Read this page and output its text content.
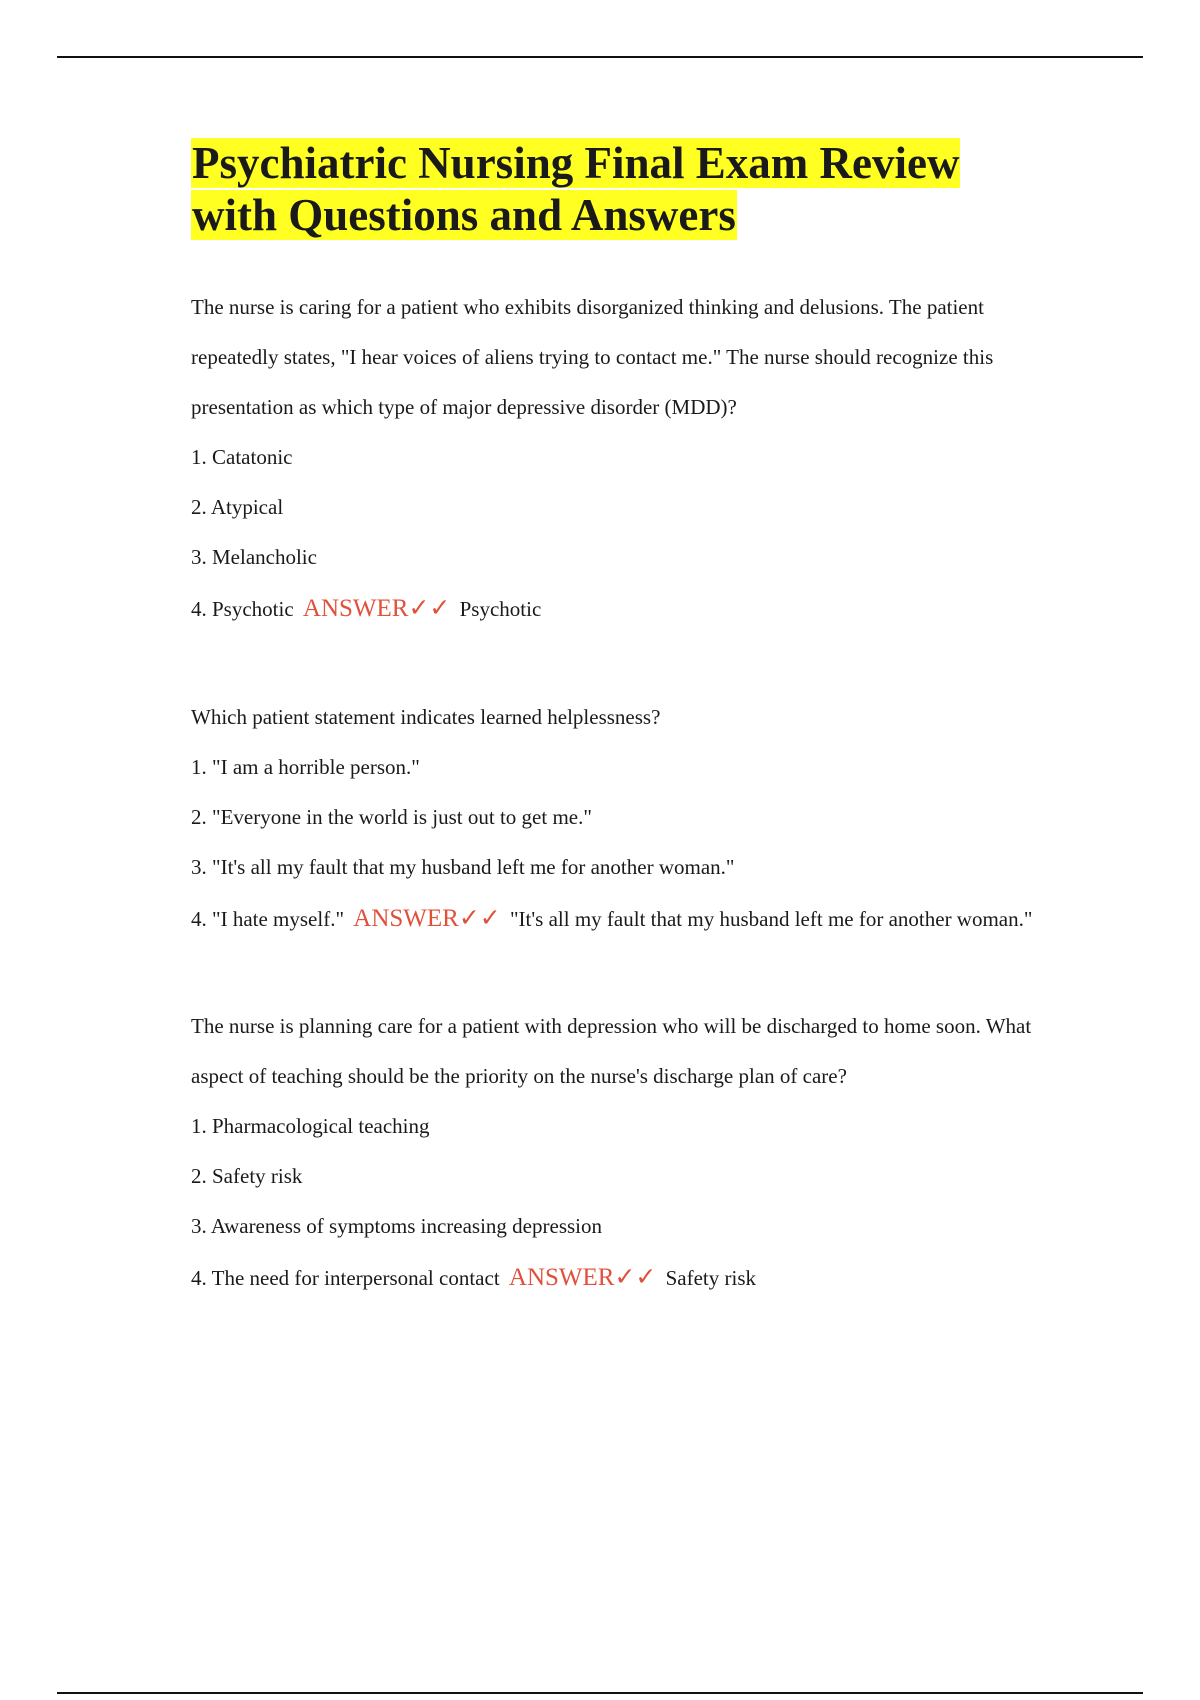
Psychiatric Nursing Final Exam Review
with Questions and Answers

The nurse is caring for a patient who exhibits disorganized thinking and delusions. The patient repeatedly states, "I hear voices of aliens trying to contact me." The nurse should recognize this presentation as which type of major depressive disorder (MDD)?

1. Catatonic

2. Atypical

3. Melancholic

4. Psychotic ANSWER✓✓ Psychotic

Which patient statement indicates learned helplessness?

1. "I am a horrible person."

2. "Everyone in the world is just out to get me."

3. "It's all my fault that my husband left me for another woman."

4. "I hate myself." ANSWER✓✓ "It's all my fault that my husband left me for another woman."

The nurse is planning care for a patient with depression who will be discharged to home soon. What aspect of teaching should be the priority on the nurse's discharge plan of care?

1. Pharmacological teaching

2. Safety risk

3. Awareness of symptoms increasing depression

4. The need for interpersonal contact ANSWER✓✓ Safety risk
